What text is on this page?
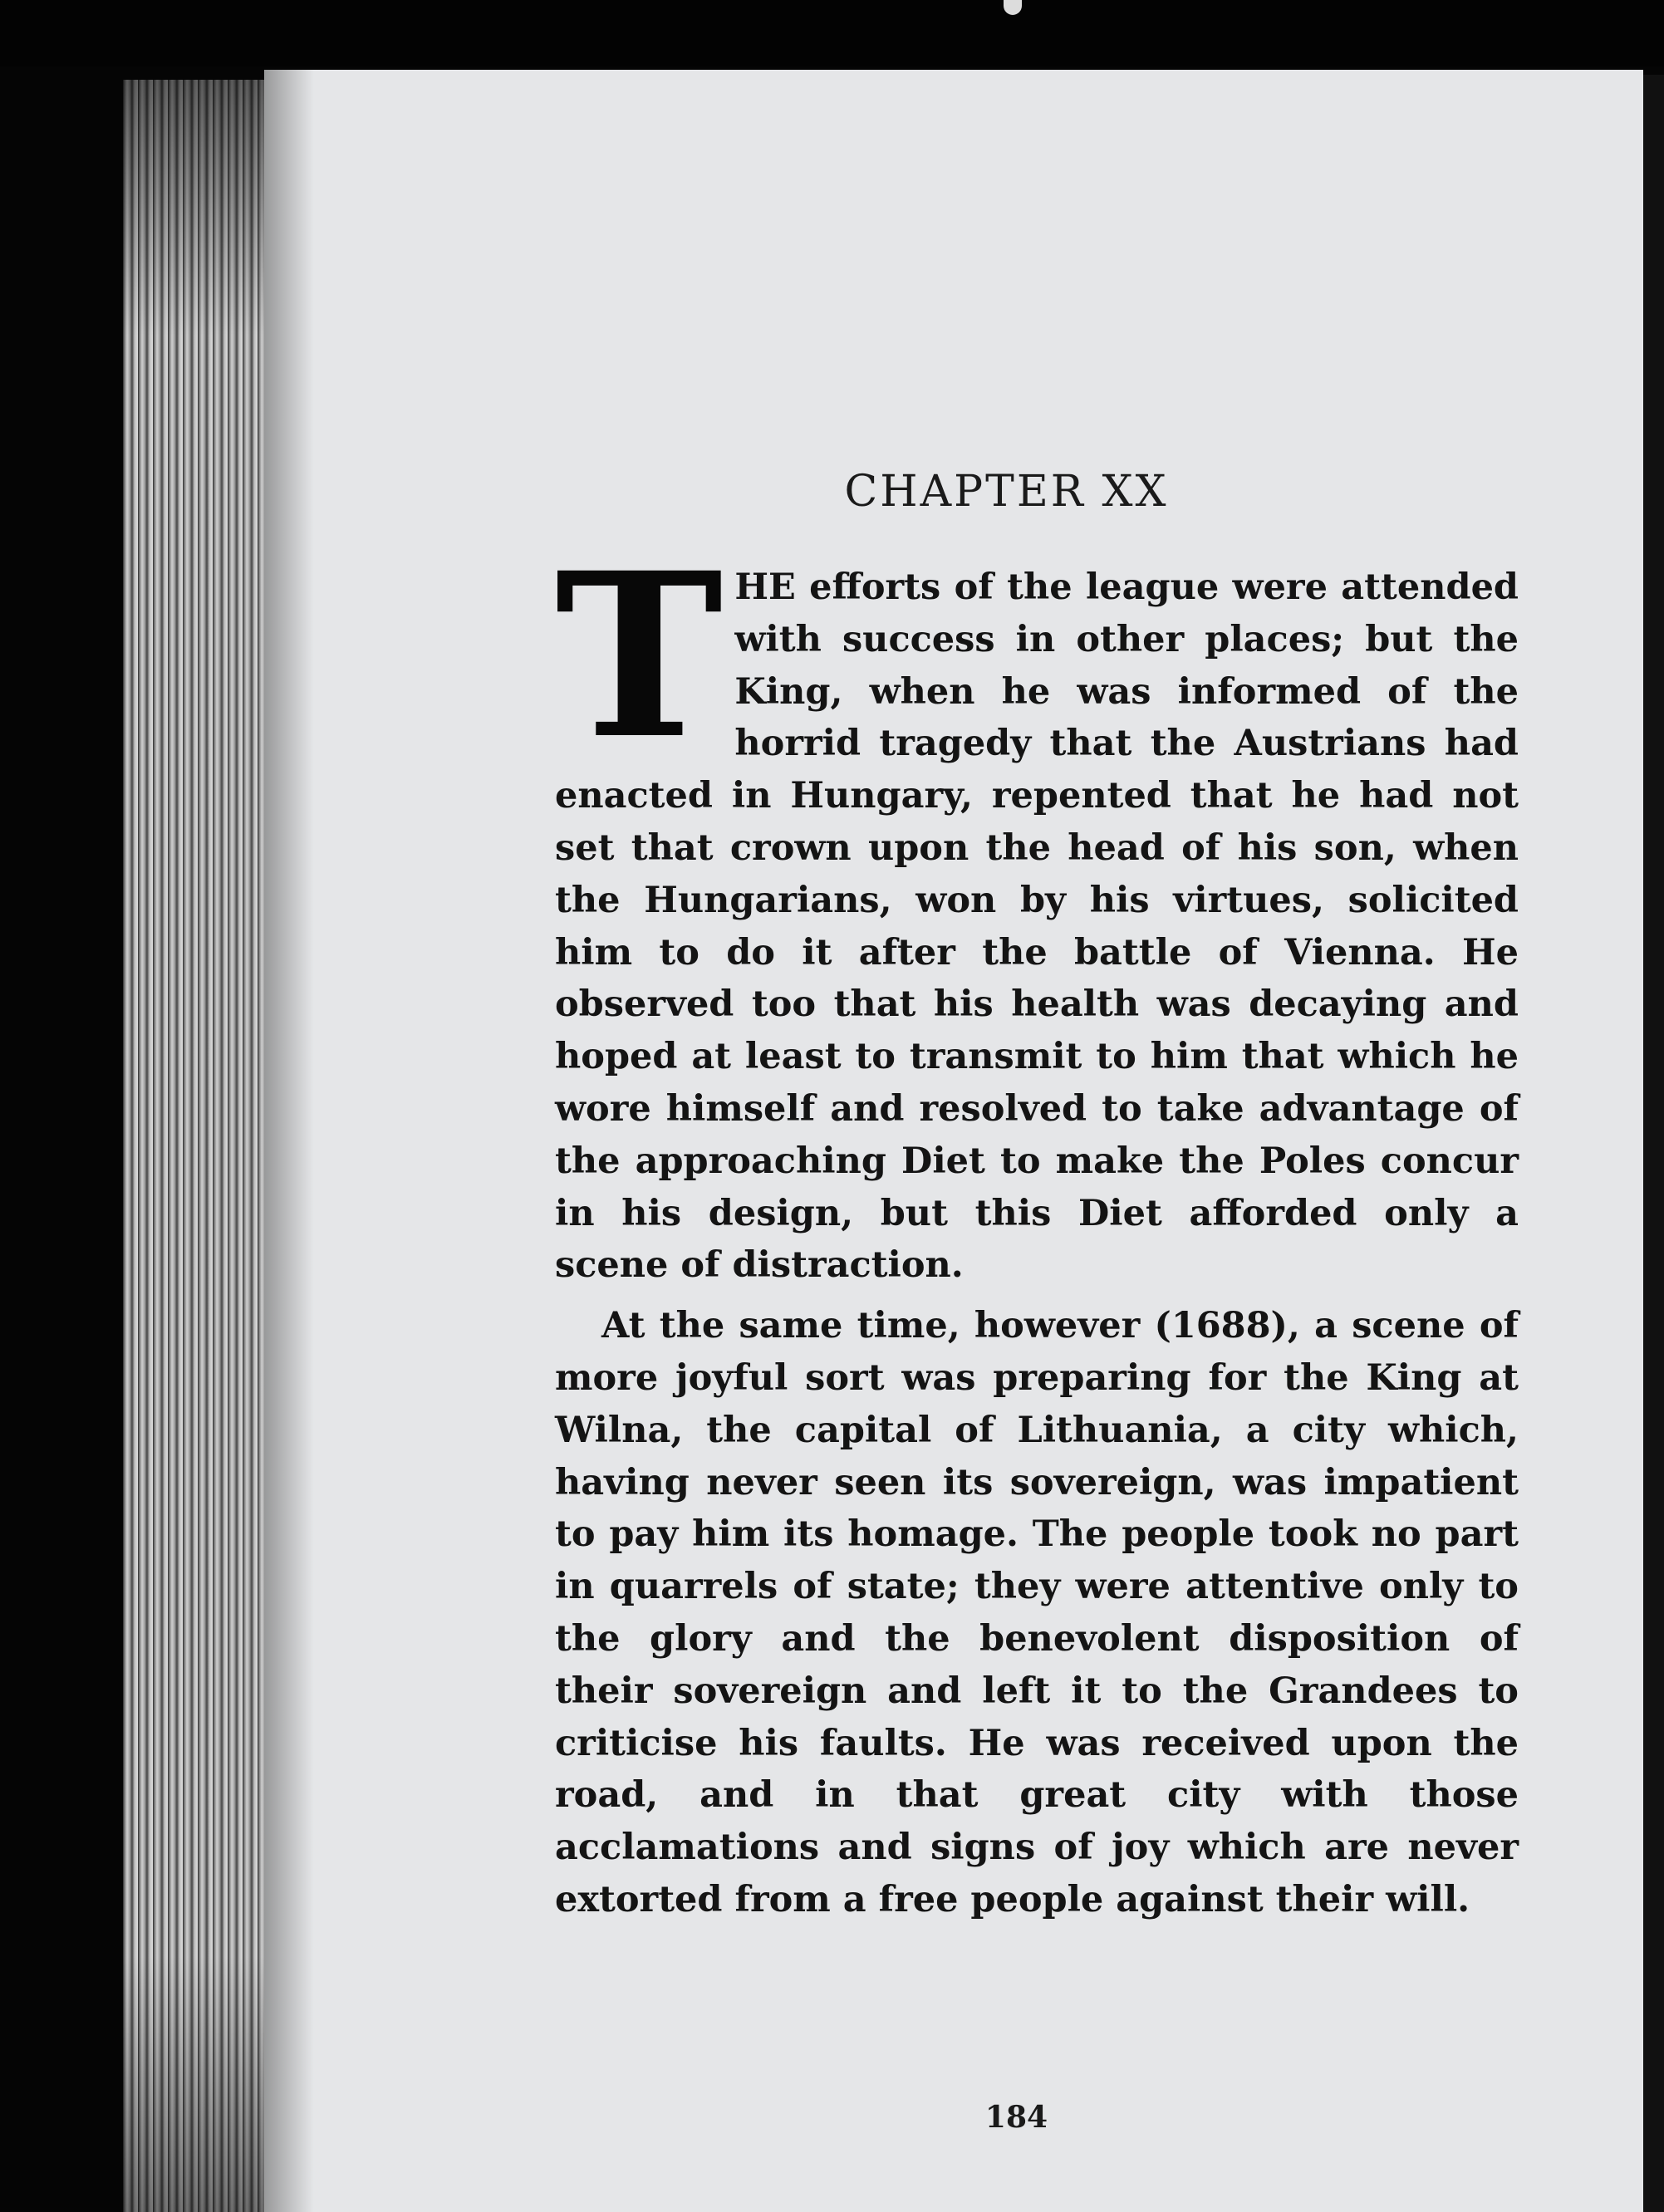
CHAPTER XX

THE efforts of the league were attended with success in other places; but the King, when he was informed of the horrid tragedy that the Austrians had enacted in Hungary, repented that he had not set that crown upon the head of his son, when the Hungarians, won by his virtues, solicited him to do it after the battle of Vienna. He observed too that his health was decaying and hoped at least to transmit to him that which he wore himself and resolved to take advantage of the approaching Diet to make the Poles concur in his design, but this Diet afforded only a scene of distraction.

At the same time, however (1688), a scene of more joyful sort was preparing for the King at Wilna, the capital of Lithuania, a city which, having never seen its sovereign, was impatient to pay him its homage. The people took no part in quarrels of state; they were attentive only to the glory and the benevolent disposition of their sovereign and left it to the Grandees to criticise his faults. He was received upon the road, and in that great city with those acclamations and signs of joy which are never extorted from a free people against their will.

184
